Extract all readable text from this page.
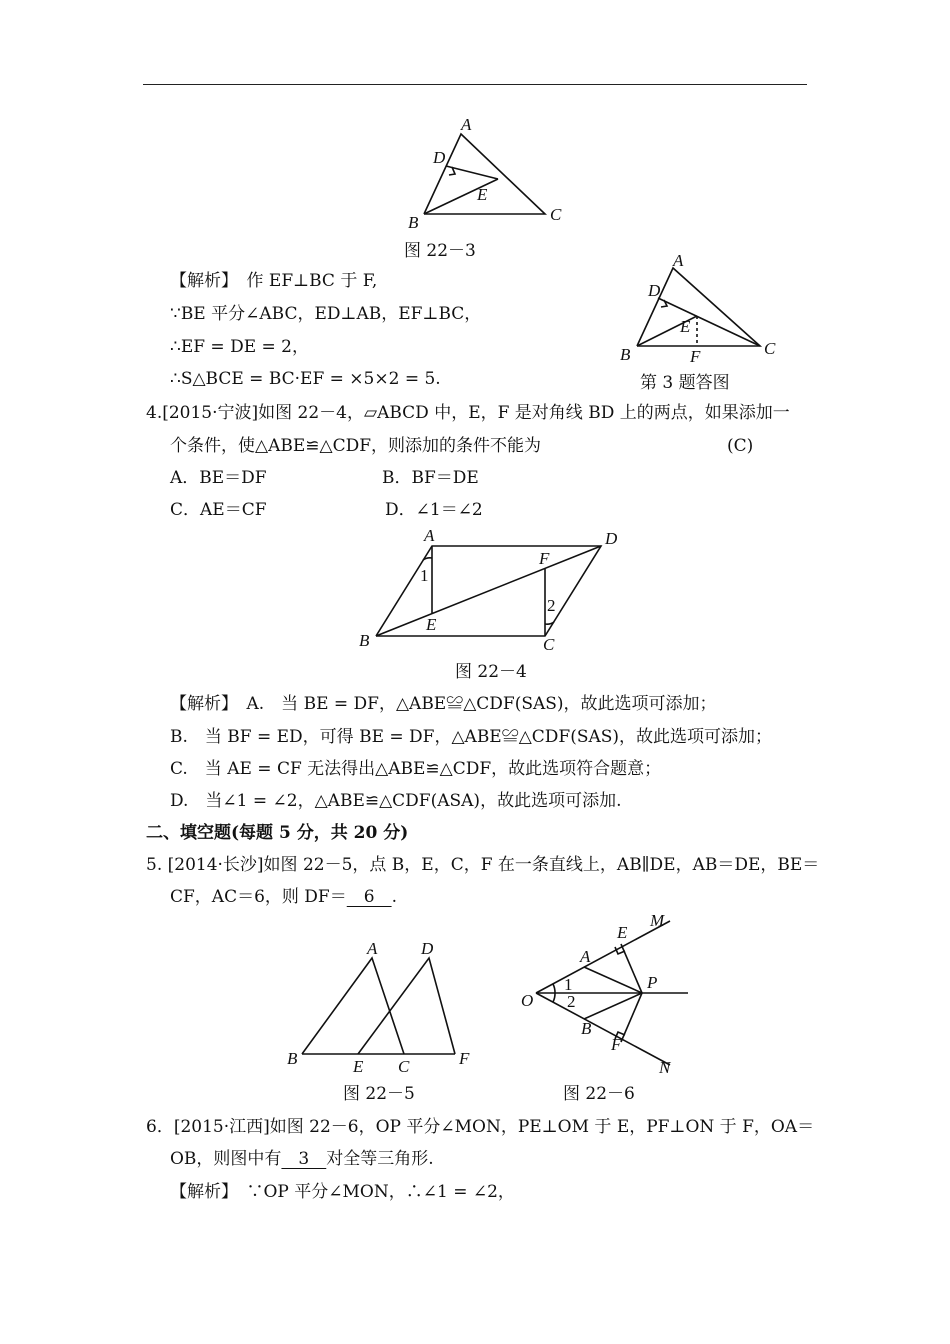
A
D
E
B	C
图 22－3	A
D
E
B	F	C
第 3 题答图
【解析】　作 EF⊥BC 于 F,
∵BE 平分∠ABC，ED⊥AB，EF⊥BC，
∴EF = DE = 2，
∴S△BCE = BC·EF = ×5×2 = 5.
4.[2015·宁波]如图 22－4，▱ABCD 中，E，F 是对角线 BD 上的两点，如果添加一
个条件，使△ABE≌△CDF，则添加的条件不能为	(C)
A．BE＝DF	B．BF＝DE
C．AE＝CF	D．∠1＝∠2
A	D
F
1
2
E
B	C
图 22－4
【解析】　A.　当 BE = DF，△ABE≌△CDF(SAS)，故此选项可添加；
B.　当 BF = ED，可得 BE = DF，△ABE≌△CDF(SAS)，故此选项可添加；
C.　当 AE = CF 无法得出△ABE≌△CDF，故此选项符合题意；
D.　当∠1 = ∠2，△ABE≌△CDF(ASA)，故此选项可添加.
二、填空题(每题 5 分，共 20 分)
5. [2014·长沙]如图 22－5，点 B，E，C，F 在一条直线上，AB∥DE，AB＝DE，BE＝
CF，AC＝6，则 DF＝　6　.
A	D
B	E C	F
图 22－5
A
E
M
1
2
O
P
B
F
N
图 22－6
6．[2015·江西]如图 22－6，OP 平分∠MON，PE⊥OM 于 E，PF⊥ON 于 F，OA＝
OB，则图中有　3　对全等三角形.
【解析】　∵OP 平分∠MON，∴∠1 = ∠2，
